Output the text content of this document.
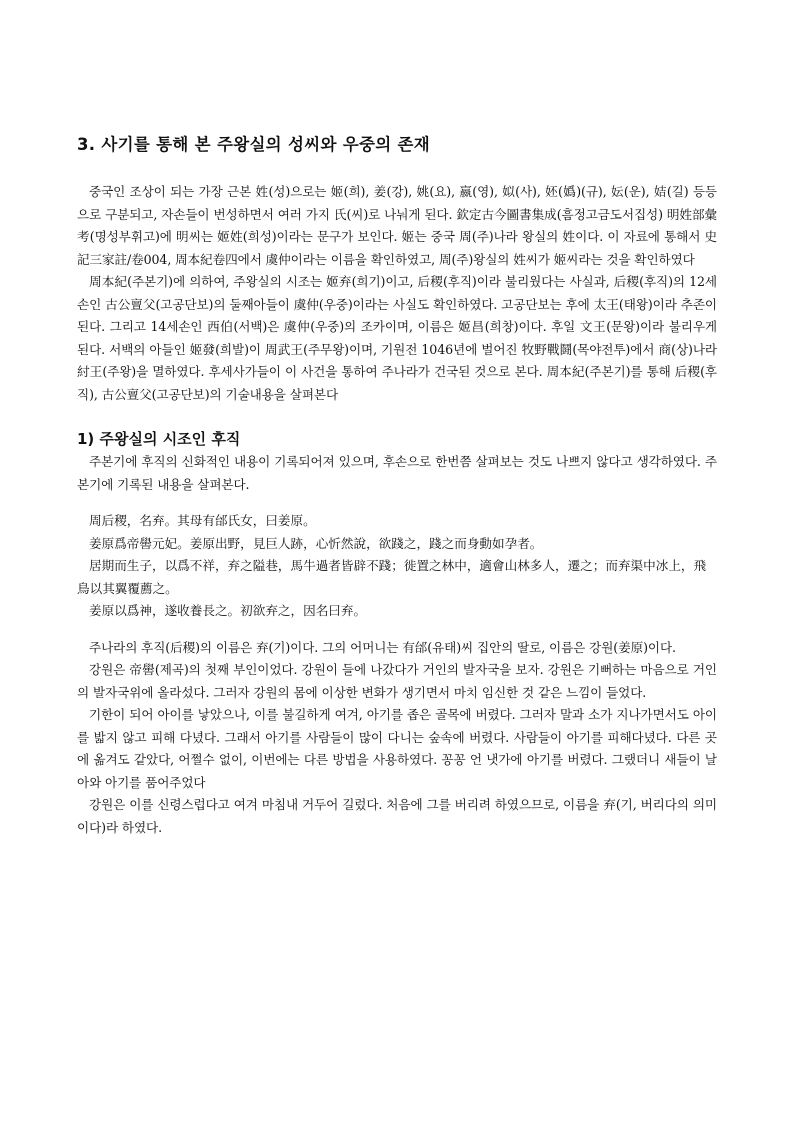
3. 사기를 통해 본 주왕실의 성씨와 우중의 존재

중국인 조상이 되는 가장 근본 姓(성)으로는 姬(희), 姜(강), 姚(요), 嬴(영), 姒(사), 㚰(嬀)(규), 妘(운), 姞(길) 등등으로 구분되고, 자손들이 번성하면서 여러 가지 氏(씨)로 나눠게 된다. 欽定古今圖書集成(흠정고금도서집성) 明姓部彙考(명성부휘고)에 明씨는 姬姓(희성)이라는 문구가 보인다. 姬는 중국 周(주)나라 왕실의 姓이다. 이 자료에 통해서 史記三家註/卷004, 周本紀卷四에서 虞仲이라는 이름을 확인하였고, 周(주)왕실의 姓씨가 姬씨라는 것을 확인하였다

周本紀(주본기)에 의하여, 주왕실의 시조는 姬弃(희기)이고, 后稷(후직)이라 불리웠다는 사실과, 后稷(후직)의 12세손인 古公亶父(고공단보)의 둘째아들이 虞仲(우중)이라는 사실도 확인하였다. 고공단보는 후에 太王(태왕)이라 추존이 된다. 그리고 14세손인 西伯(서백)은 虞仲(우중)의 조카이며, 이름은 姬昌(희창)이다. 후일 文王(문왕)이라 불리우게 된다. 서백의 아들인 姬發(희발)이 周武王(주무왕)이며, 기원전 1046년에 벌어진 牧野戰鬪(목야전투)에서 商(상)나라 紂王(주왕)을 멸하였다. 후세사가들이 이 사건을 통하여 주나라가 건국된 것으로 본다. 周本紀(주본기)를 통해 后稷(후직), 古公亶父(고공단보)의 기술내용을 살펴본다

1) 주왕실의 시조인 후직

주본기에 후직의 신화적인 내용이 기록되어져 있으며, 후손으로 한번쯤 살펴보는 것도 나쁘지 않다고 생각하였다. 주본기에 기록된 내용을 살펴본다.

周后稷，名弃。其母有邰氏女，曰姜原。

姜原爲帝嚳元妃。姜原出野，見巨人跡，心忻然說，欲踐之，踐之而身動如孕者。

居期而生子，以爲不祥，弃之隘巷，馬牛過者皆辟不踐；徙置之林中，適會山林多人，遷之；而弃渠中冰上，飛鳥以其翼覆薦之。

姜原以爲神，遂收養長之。初欲弃之，因名曰弃。

주나라의 후직(后稷)의 이름은 弃(기)이다. 그의 어머니는 有邰(유태)씨 집안의 딸로, 이름은 강원(姜原)이다.

강원은 帝嚳(제곡)의 첫째 부인이었다. 강원이 들에 나갔다가 거인의 발자국을 보자. 강원은 기뻐하는 마음으로 거인의 발자국위에 올라섰다. 그러자 강원의 몸에 이상한 변화가 생기면서 마치 임신한 것 같은 느낌이 들었다.

기한이 되어 아이를 낳았으나, 이를 불길하게 여겨, 아기를 좁은 골목에 버렸다. 그러자 말과 소가 지나가면서도 아이를 밟지 않고 피해 다녔다. 그래서 아기를 사람들이 많이 다니는 숲속에 버렸다. 사람들이 아기를 피해다녔다. 다른 곳에 옮겨도 같았다, 어쩔수 없이, 이번에는 다른 방법을 사용하였다. 꽁꽁 언 냇가에 아기를 버렸다. 그랬더니 새들이 날아와 아기를 품어주었다

강원은 이를 신령스럽다고 여겨 마침내 거두어 길렀다. 처음에 그를 버리려 하였으므로, 이름을 弃(기, 버리다의 의미이다)라 하였다.
